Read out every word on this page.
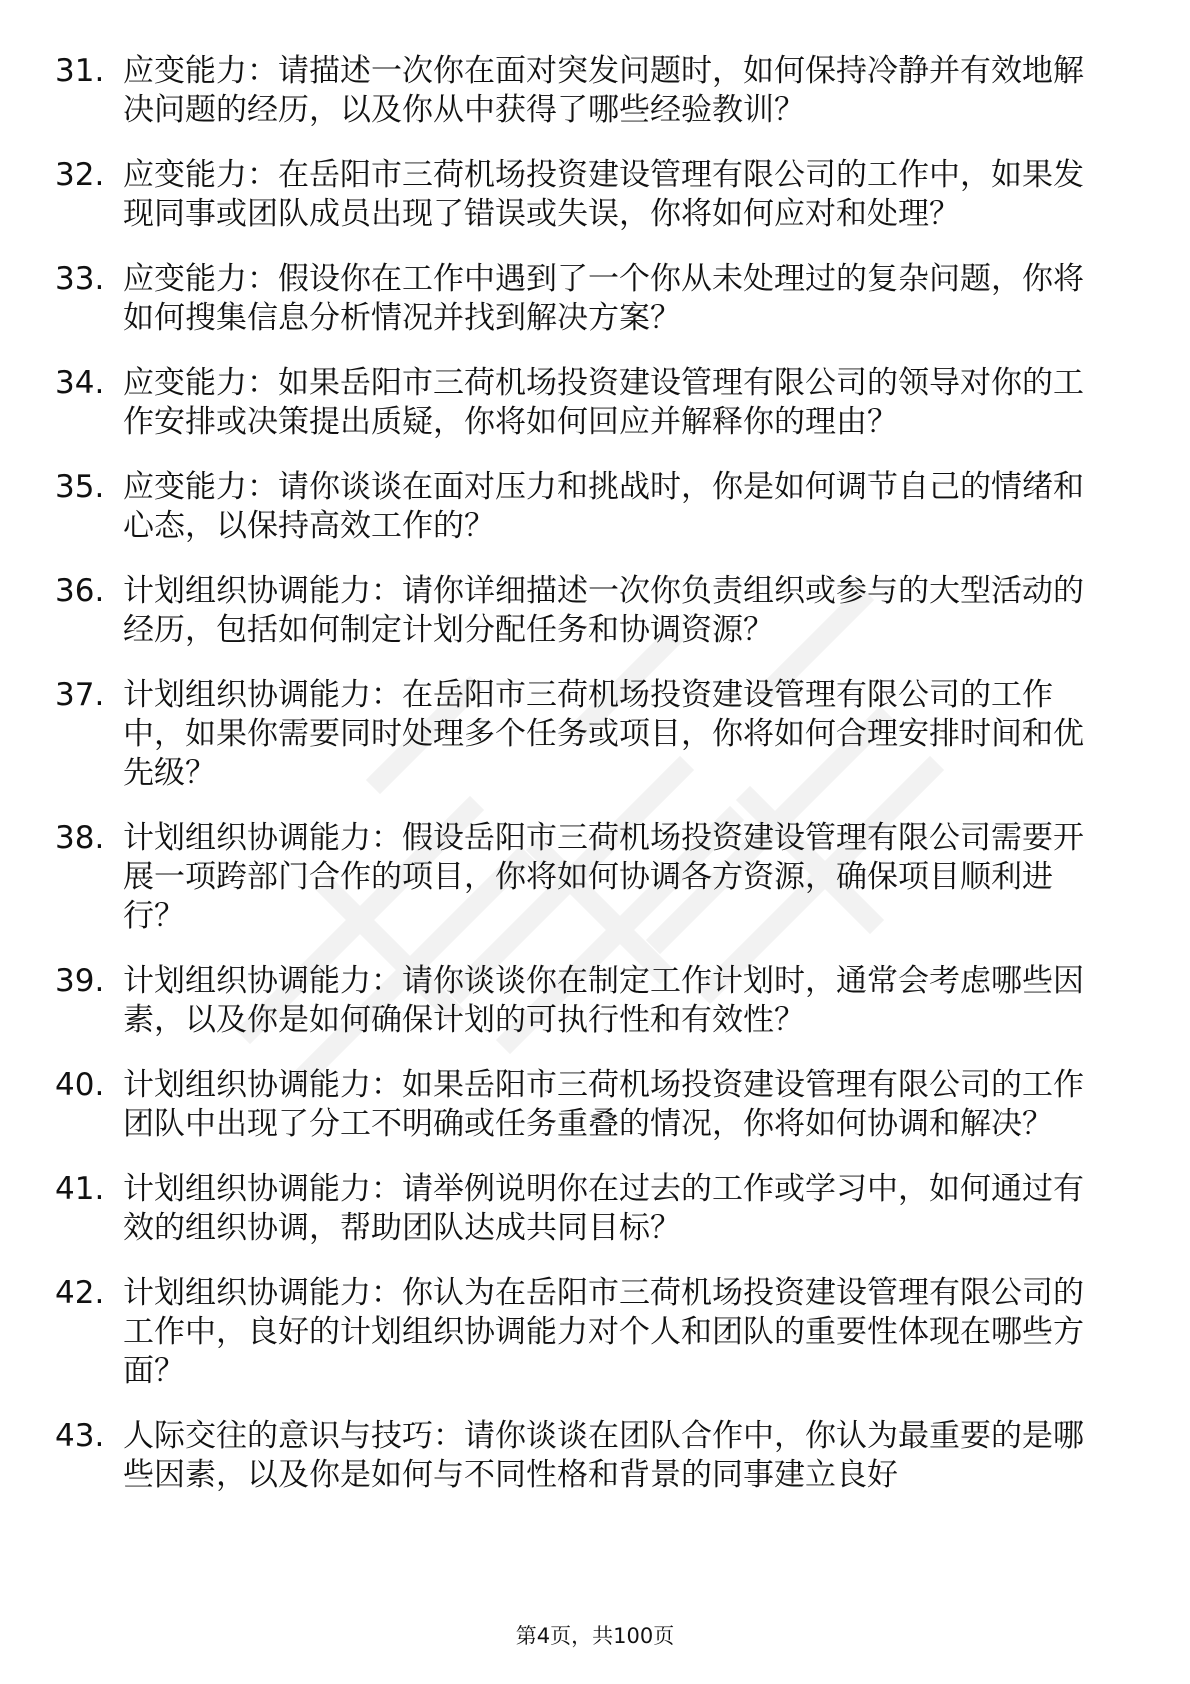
31. 应变能力：请描述一次你在面对突发问题时，如何保持冷静并有效地解决问题的经历，以及你从中获得了哪些经验教训？
32. 应变能力：在岳阳市三荷机场投资建设管理有限公司的工作中，如果发现同事或团队成员出现了错误或失误，你将如何应对和处理？
33. 应变能力：假设你在工作中遇到了一个你从未处理过的复杂问题，你将如何搜集信息分析情况并找到解决方案？
34. 应变能力：如果岳阳市三荷机场投资建设管理有限公司的领导对你的工作安排或决策提出质疑，你将如何回应并解释你的理由？
35. 应变能力：请你谈谈在面对压力和挑战时，你是如何调节自己的情绪和心态，以保持高效工作的？
36. 计划组织协调能力：请你详细描述一次你负责组织或参与的大型活动的经历，包括如何制定计划分配任务和协调资源？
37. 计划组织协调能力：在岳阳市三荷机场投资建设管理有限公司的工作中，如果你需要同时处理多个任务或项目，你将如何合理安排时间和优先级？
38. 计划组织协调能力：假设岳阳市三荷机场投资建设管理有限公司需要开展一项跨部门合作的项目，你将如何协调各方资源，确保项目顺利进行？
39. 计划组织协调能力：请你谈谈你在制定工作计划时，通常会考虑哪些因素，以及你是如何确保计划的可执行性和有效性？
40. 计划组织协调能力：如果岳阳市三荷机场投资建设管理有限公司的工作团队中出现了分工不明确或任务重叠的情况，你将如何协调和解决？
41. 计划组织协调能力：请举例说明你在过去的工作或学习中，如何通过有效的组织协调，帮助团队达成共同目标？
42. 计划组织协调能力：你认为在岳阳市三荷机场投资建设管理有限公司的工作中，良好的计划组织协调能力对个人和团队的重要性体现在哪些方面？
43. 人际交往的意识与技巧：请你谈谈在团队合作中，你认为最重要的是哪些因素，以及你是如何与不同性格和背景的同事建立良好
第4页，共100页
